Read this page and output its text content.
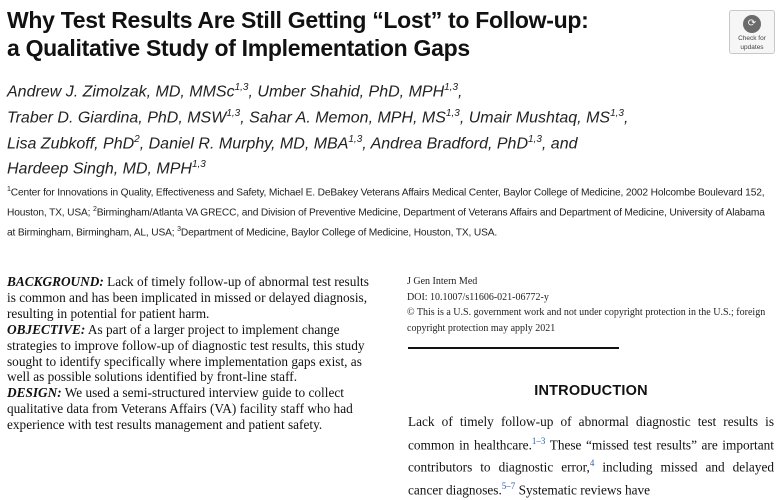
Why Test Results Are Still Getting “Lost” to Follow-up:
a Qualitative Study of Implementation Gaps
⟳
Check for
updates
Andrew J. Zimolzak, MD, MMSc$^{1,3}$, Umber Shahid, PhD, MPH$^{1,3}$,
Traber D. Giardina, PhD, MSW$^{1,3}$, Sahar A. Memon, MPH, MS$^{1,3}$, Umair Mushtaq, MS$^{1,3}$,
Lisa Zubkoff, PhD$^2$, Daniel R. Murphy, MD, MBA$^{1,3}$, Andrea Bradford, PhD$^{1,3}$, and
Hardeep Singh, MD, MPH$^{1,3}$
$^1$Center for Innovations in Quality, Effectiveness and Safety, Michael E. DeBakey Veterans Affairs Medical Center, Baylor College of Medicine, 2002 Holcombe Boulevard 152, Houston, TX, USA; $^2$Birmingham/Atlanta VA GRECC, and Division of Preventive Medicine, Department of Veterans Affairs and Department of Medicine, University of Alabama at Birmingham, Birmingham, AL, USA; $^3$Department of Medicine, Baylor College of Medicine, Houston, TX, USA.

BACKGROUND: Lack of timely follow-up of abnormal test results is common and has been implicated in missed or delayed diagnosis, resulting in potential for patient harm.

OBJECTIVE: As part of a larger project to implement change strategies to improve follow-up of diagnostic test results, this study sought to identify specifically where implementation gaps exist, as well as possible solutions identified by front-line staff.

DESIGN: We used a semi-structured interview guide to collect qualitative data from Veterans Affairs (VA) facility staff who had experience with test results management and patient safety.

J Gen Intern Med
DOI: 10.1007/s11606-021-06772-y
© This is a U.S. government work and not under copyright protection in the U.S.; foreign copyright protection may apply 2021
INTRODUCTION
Lack of timely follow-up of abnormal diagnostic test results is common in healthcare.$^{1-3}$ These “missed test results” are important contributors to diagnostic error,$^4$ including missed and delayed cancer diagnoses.$^{5-7}$ Systematic reviews have
